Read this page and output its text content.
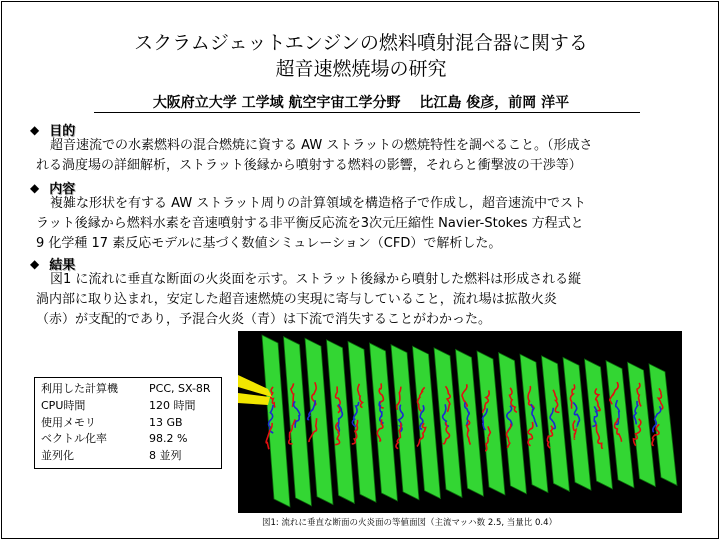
スクラムジェットエンジンの燃料噴射混合器に関する
超音速燃焼場の研究
大阪府立大学 工学域 航空宇宙工学分野　 比江島 俊彦，前岡 洋平
◆ 目的
超音速流での水素燃料の混合燃焼に資する AW ストラットの燃焼特性を調べること。（形成さ
れる渦度場の詳細解析，ストラット後縁から噴射する燃料の影響，それらと衝撃波の干渉等）
◆ 内容
複雑な形状を有する AW ストラット周りの計算領域を構造格子で作成し，超音速流中でスト
ラット後縁から燃料水素を音速噴射する非平衡反応流を3次元圧縮性 Navier-Stokes 方程式と
9 化学種 17 素反応モデルに基づく数値シミュレーション（CFD）で解析した。
◆ 結果
図1 に流れに垂直な断面の火炎面を示す。ストラット後縁から噴射した燃料は形成される縦
渦内部に取り込まれ，安定した超音速燃焼の実現に寄与していること，流れ場は拡散火炎
（赤）が支配的であり，予混合火炎（青）は下流で消失することがわかった。
利用した計算機	PCC, SX-8R
CPU時間	120 時間
使用メモリ	13 GB
ベクトル化率	98.2 %
並列化	8 並列
図1: 流れに垂直な断面の火炎面の等値面図（主流マッハ数 2.5, 当量比 0.4）
